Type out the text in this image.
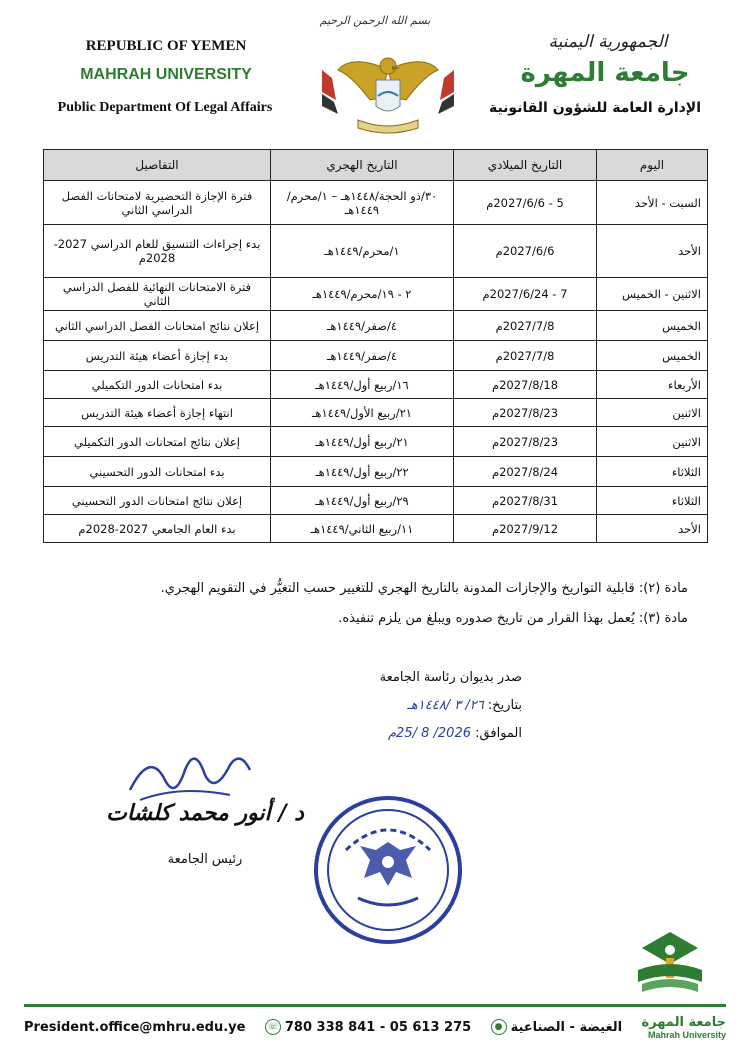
REPUBLIC OF YEMEN
MAHRAH UNIVERSITY
Public Department Of Legal Affairs
بسم الله الرحمن الرحيم
الجمهورية اليمنية
جامعة المهرة
الإدارة العامة للشؤون القانونية
اليوم	التاريخ الميلادي	التاريخ الهجري	التفاصيل
السبت - الأحد	5 - 2027/6/6م	٣٠/ذو الحجة/١٤٤٨هـ – ١/محرم/١٤٤٩هـ	فترة الإجازة التحضيرية لامتحانات الفصل الدراسي الثاني
الأحد	2027/6/6م	١/محرم/١٤٤٩هـ	بدء إجراءات التنسيق للعام الدراسي 2027-2028م
الاثنين - الخميس	7 - 2027/6/24م	٢ - ١٩/محرم/١٤٤٩هـ	فترة الامتحانات النهائية للفصل الدراسي الثاني
الخميس	2027/7/8م	٤/صفر/١٤٤٩هـ	إعلان نتائج امتحانات الفصل الدراسي الثاني
الخميس	2027/7/8م	٤/صفر/١٤٤٩هـ	بدء إجازة أعضاء هيئة التدريس
الأربعاء	2027/8/18م	١٦/ربيع أول/١٤٤٩هـ	بدء امتحانات الدور التكميلي
الاثنين	2027/8/23م	٢١/ربيع الأول/١٤٤٩هـ	انتهاء إجازة أعضاء هيئة التدريس
الاثنين	2027/8/23م	٢١/ربيع أول/١٤٤٩هـ	إعلان نتائج امتحانات الدور التكميلي
الثلاثاء	2027/8/24م	٢٢/ربيع أول/١٤٤٩هـ	بدء امتحانات الدور التحسيني
الثلاثاء	2027/8/31م	٢٩/ربيع أول/١٤٤٩هـ	إعلان نتائج امتحانات الدور التحسيني
الأحد	2027/9/12م	١١/ربيع الثاني/١٤٤٩هـ	بدء العام الجامعي 2027-2028م
مادة (٢): قابلية التواريخ والإجازات المدونة بالتاريخ الهجري للتغيير حسب التغيُّر في التقويم الهجري.
مادة (٣): يُعمل بهذا القرار من تاريخ صدوره ويبلغ من يلزم تنفيذه.
صدر بديوان رئاسة الجامعة
بتاريخ: ٢٦/ ٣ /١٤٤٨هـ
الموافق: 2026/ 8 /25م
د / أنور محمد كلشات
رئيس الجامعة
President.office@mhru.edu.ye ☏ 780 338 841 - 05 613 275	● الغيضة - الصناعية جامعة المهرة
Mahrah University
